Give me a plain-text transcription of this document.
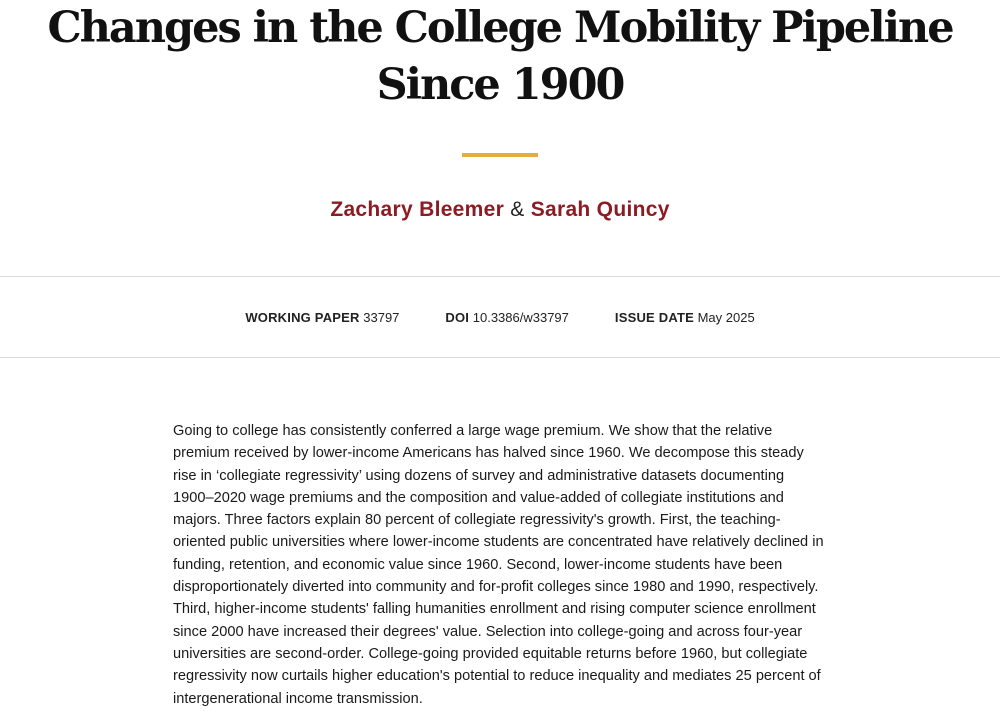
Changes in the College Mobility Pipeline Since 1900
Zachary Bleemer & Sarah Quincy
WORKING PAPER 33797	DOI 10.3386/w33797	ISSUE DATE May 2025

Going to college has consistently conferred a large wage premium. We show that the relative premium received by lower-income Americans has halved since 1960. We decompose this steady rise in ‘collegiate regressivity’ using dozens of survey and administrative datasets documenting 1900–2020 wage premiums and the composition and value-added of collegiate institutions and majors. Three factors explain 80 percent of collegiate regressivity's growth. First, the teaching-oriented public universities where lower-income students are concentrated have relatively declined in funding, retention, and economic value since 1960. Second, lower-income students have been disproportionately diverted into community and for-profit colleges since 1980 and 1990, respectively. Third, higher-income students' falling humanities enrollment and rising computer science enrollment since 2000 have increased their degrees' value. Selection into college-going and across four-year universities are second-order. College-going provided equitable returns before 1960, but collegiate regressivity now curtails higher education's potential to reduce inequality and mediates 25 percent of intergenerational income transmission.
